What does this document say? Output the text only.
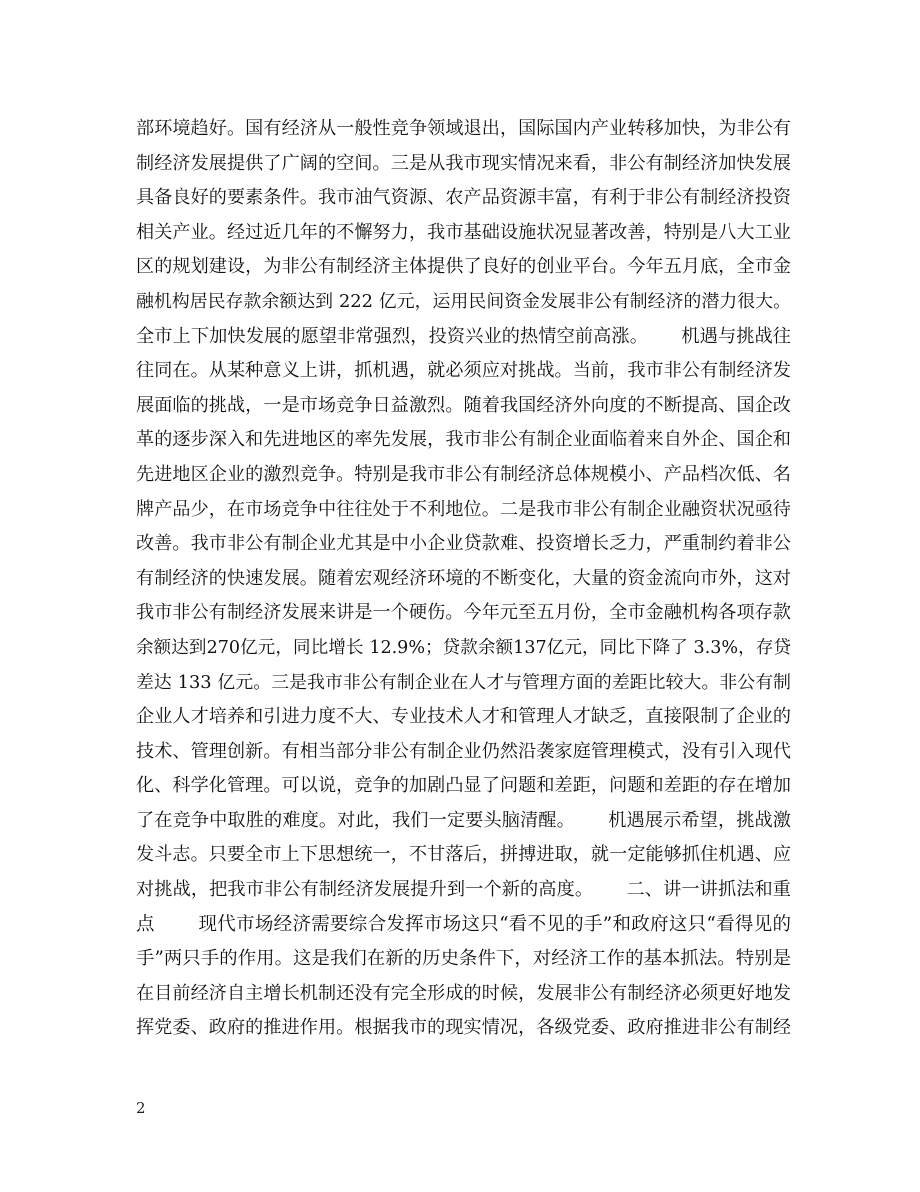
部环境趋好。国有经济从一般性竞争领域退出，国际国内产业转移加快，为非公有
制经济发展提供了广阔的空间。三是从我市现实情况来看，非公有制经济加快发展
具备良好的要素条件。我市油气资源、农产品资源丰富，有利于非公有制经济投资
相关产业。经过近几年的不懈努力，我市基础设施状况显著改善，特别是八大工业
区的规划建设，为非公有制经济主体提供了良好的创业平台。今年五月底，全市金
融机构居民存款余额达到 222 亿元，运用民间资金发展非公有制经济的潜力很大。
全市上下加快发展的愿望非常强烈，投资兴业的热情空前高涨。　　 机遇与挑战往
往同在。从某种意义上讲，抓机遇，就必须应对挑战。当前，我市非公有制经济发
展面临的挑战，一是市场竞争日益激烈。随着我国经济外向度的不断提高、国企改
革的逐步深入和先进地区的率先发展，我市非公有制企业面临着来自外企、国企和
先进地区企业的激烈竞争。特别是我市非公有制经济总体规模小、产品档次低、名
牌产品少，在市场竞争中往往处于不利地位。二是我市非公有制企业融资状况亟待
改善。我市非公有制企业尤其是中小企业贷款难、投资增长乏力，严重制约着非公
有制经济的快速发展。随着宏观经济环境的不断变化，大量的资金流向市外，这对
我市非公有制经济发展来讲是一个硬伤。今年元至五月份，全市金融机构各项存款
余额达到270亿元，同比增长 12.9%；贷款余额137亿元，同比下降了 3.3%，存贷
差达 133 亿元。三是我市非公有制企业在人才与管理方面的差距比较大。非公有制
企业人才培养和引进力度不大、专业技术人才和管理人才缺乏，直接限制了企业的
技术、管理创新。有相当部分非公有制企业仍然沿袭家庭管理模式，没有引入现代
化、科学化管理。可以说，竞争的加剧凸显了问题和差距，问题和差距的存在增加
了在竞争中取胜的难度。对此，我们一定要头脑清醒。　　 机遇展示希望，挑战激
发斗志。只要全市上下思想统一，不甘落后，拼搏进取，就一定能够抓住机遇、应
对挑战，把我市非公有制经济发展提升到一个新的高度。　　 二、讲一讲抓法和重
点　　 现代市场经济需要综合发挥市场这只“看不见的手”和政府这只“看得见的
手”两只手的作用。这是我们在新的历史条件下，对经济工作的基本抓法。特别是
在目前经济自主增长机制还没有完全形成的时候，发展非公有制经济必须更好地发
挥党委、政府的推进作用。根据我市的现实情况，各级党委、政府推进非公有制经
2
